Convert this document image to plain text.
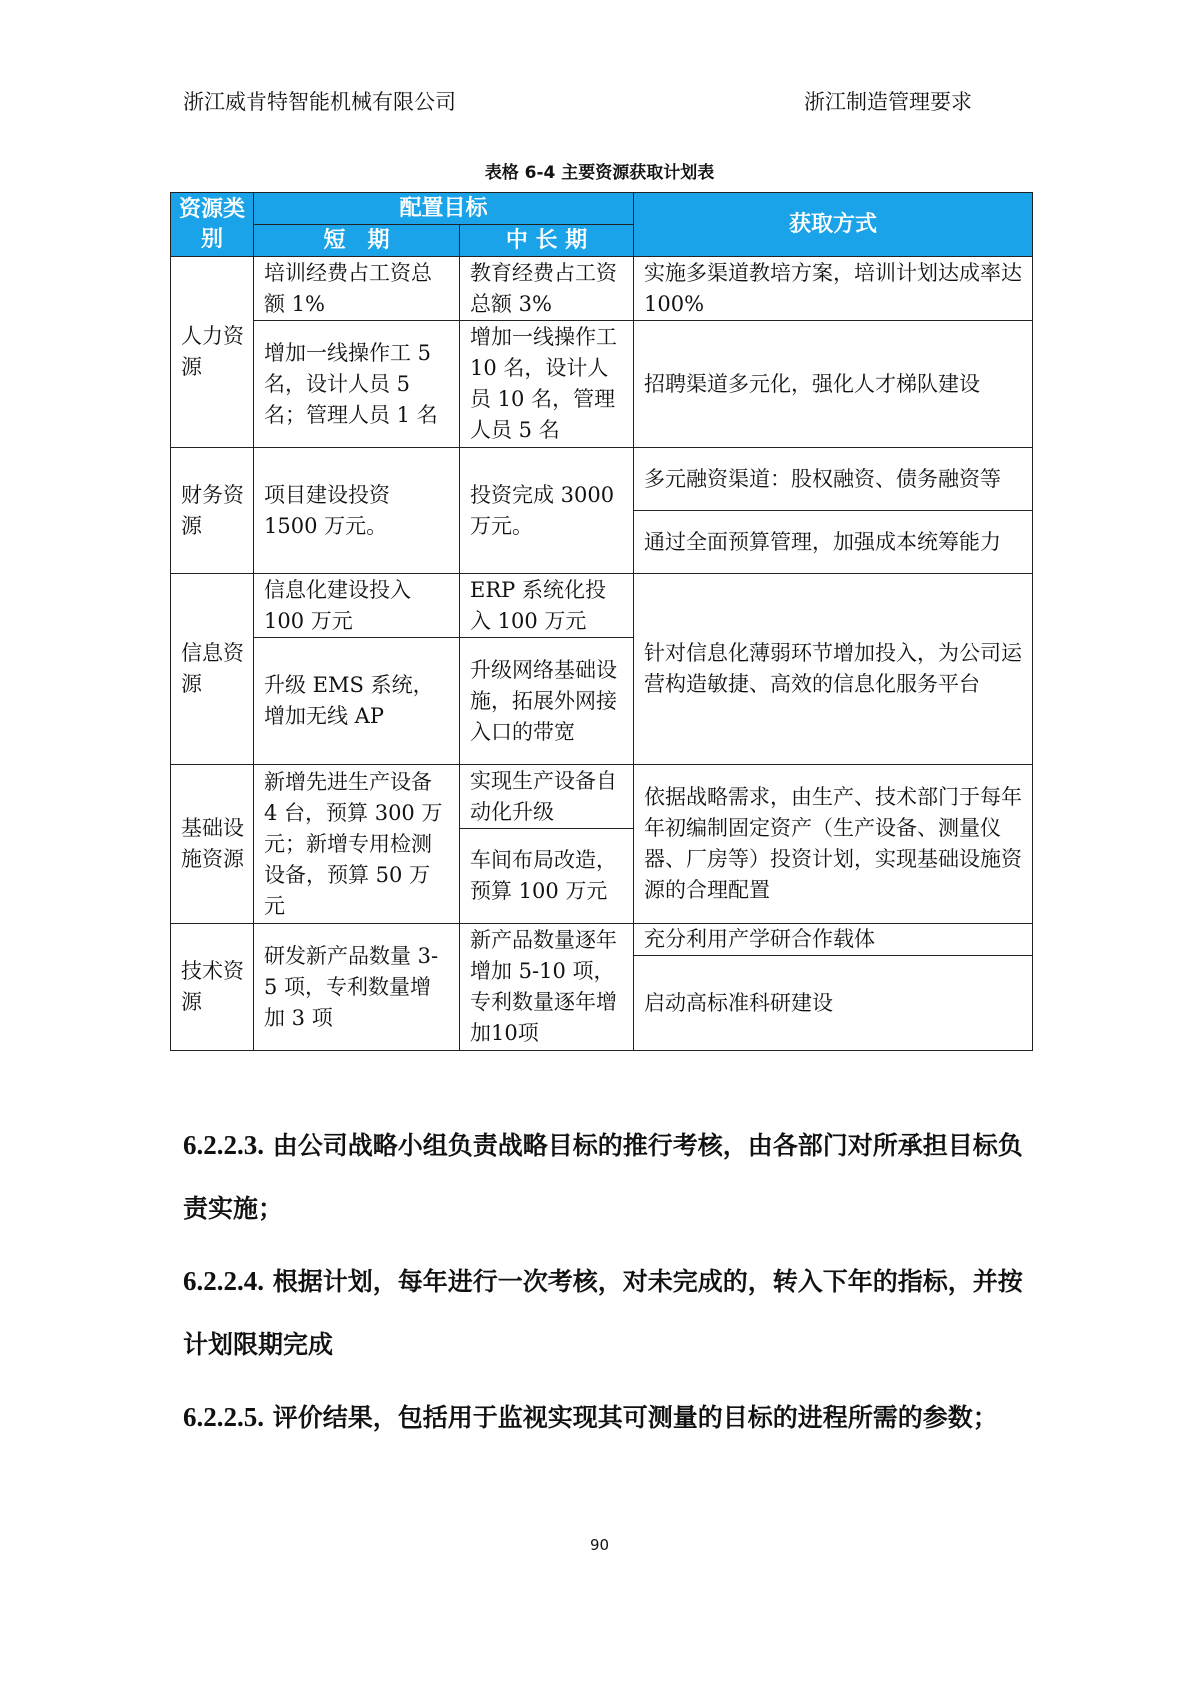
浙江威肯特智能机械有限公司	浙江制造管理要求
表格 6-4 主要资源获取计划表
资源类别	配置目标		获取方式
	短　期	中 长 期	
人力资源	培训经费占工资总额 1%	教育经费占工资总额 3%	实施多渠道教培方案，培训计划达成率达 100%
	增加一线操作工 5 名，设计人员 5 名；管理人员 1 名	增加一线操作工 10 名，设计人员 10 名，管理人员 5 名	招聘渠道多元化，强化人才梯队建设
财务资源	项目建设投资 1500 万元。	投资完成 3000 万元。	多元融资渠道：股权融资、债务融资等
			通过全面预算管理，加强成本统筹能力
信息资源	信息化建设投入 100 万元	ERP 系统化投入 100 万元	针对信息化薄弱环节增加投入，为公司运营构造敏捷、高效的信息化服务平台
	升级 EMS 系统，增加无线 AP	升级网络基础设施，拓展外网接入口的带宽	
基础设施资源	新增先进生产设备 4 台，预算 300 万元；新增专用检测设备，预算 50 万元	实现生产设备自动化升级	依据战略需求，由生产、技术部门于每年年初编制固定资产（生产设备、测量仪器、厂房等）投资计划，实现基础设施资源的合理配置
		车间布局改造，预算 100 万元	
技术资源	研发新产品数量 3-5 项，专利数量增加 3 项	新产品数量逐年增加 5-10 项，专利数量逐年增加10项	充分利用产学研合作载体
			启动高标准科研建设
6.2.2.3. 由公司战略小组负责战略目标的推行考核，由各部门对所承担目标负责实施；
6.2.2.4. 根据计划，每年进行一次考核，对未完成的，转入下年的指标，并按计划限期完成
6.2.2.5. 评价结果，包括用于监视实现其可测量的目标的进程所需的参数；
90
